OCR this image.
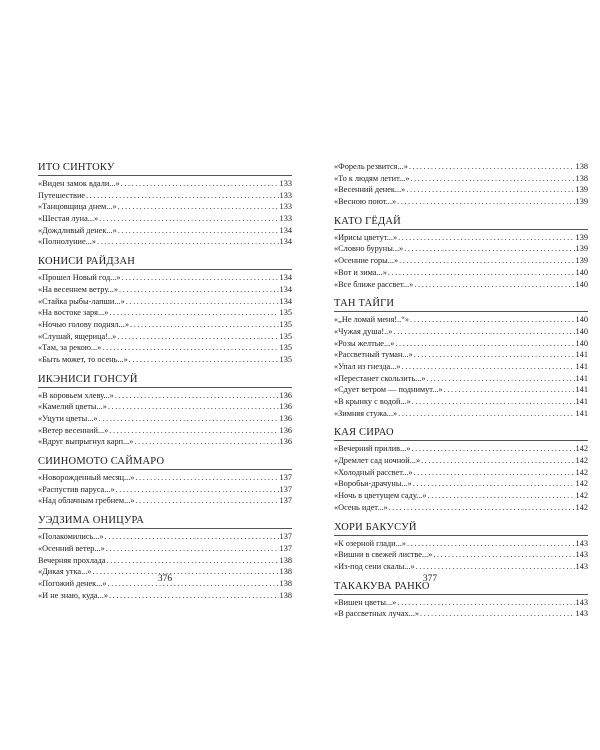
ИТО СИНТОКУ
«Виден замок вдали...» .....	133
Путешествие .....	133
«Танцовщица днем...» .....	133
«Шестая луна...» .....	133
«Дождливый денек...» .....	134
«Полнолуние...» .....	134
КОНИСИ РАЙДЗАН
«Прошел Новый год...» .....	134
«На весеннем ветру...» .....	134
«Стайка рыбы-лапши...» .....	134
«На востоке заря...» .....	135
«Ночью голову поднял...» .....	135
«Слушай, ящерица!..» .....	135
«Там, за рекою...» .....	135
«Быть может, то осень...» .....	135
ИКЭНИСИ ГОНСУЙ
«В коровьем хлеву...» .....	136
«Камелий цветы...» .....	136
«Уцути цветы...» .....	136
«Ветер весенний...» .....	136
«Вдруг выпрыгнул карп...» .....	136
СИИНОМОТО САЙМАРО
«Новорожденный месяц...» .....	137
«Распустив паруса...» .....	137
«Над облачным гребнем...» .....	137
УЭДЗИМА ОНИЦУРА
«Полакомились...» .....	137
«Осенний ветер...» .....	137
Вечерняя прохлада .....	138
«Дикая утка...» .....	138
«Погожий денек...» .....	138
«И не знаю, куда...» .....	138
«Форель резвится...» .....	138
«То к людям летит...» .....	138
«Весенний денек...» .....	139
«Весною поют...» .....	139
КАТО ГЁДАЙ
«Ирисы цветут...» .....	139
«Словно буруны...» .....	139
«Осенние горы...» .....	139
«Вот и зима...» .....	140
«Все ближе рассвет...» .....	140
ТАН ТАЙГИ
«„Не ломай меня!..“» .....	140
«Чужая душа!..» .....	140
«Розы желтые...» .....	140
«Рассветный туман...» .....	141
«Упал из гнезда...» .....	141
«Перестанет скользить...» .....	141
«Сдует ветром — поднимут...» .....	141
«В крынку с водой...» .....	141
«Зимняя стужа...» .....	141
КАЯ СИРАО
«Вечерний прилив...» .....	142
«Дремлет сад ночной...» .....	142
«Холодный рассвет...» .....	142
«Воробьи-драчуны...» .....	142
«Ночь в цветущем саду...» .....	142
«Осень идет...» .....	142
ХОРИ БАКУСУЙ
«К озерной глади...» .....	143
«Вишни в свежей листве...» .....	143
«Из-под сени скалы...» .....	143
ТАКАКУВА РАНКО
«Вишен цветы...» .....	143
«В рассветных лучах...» .....	143
376	377
